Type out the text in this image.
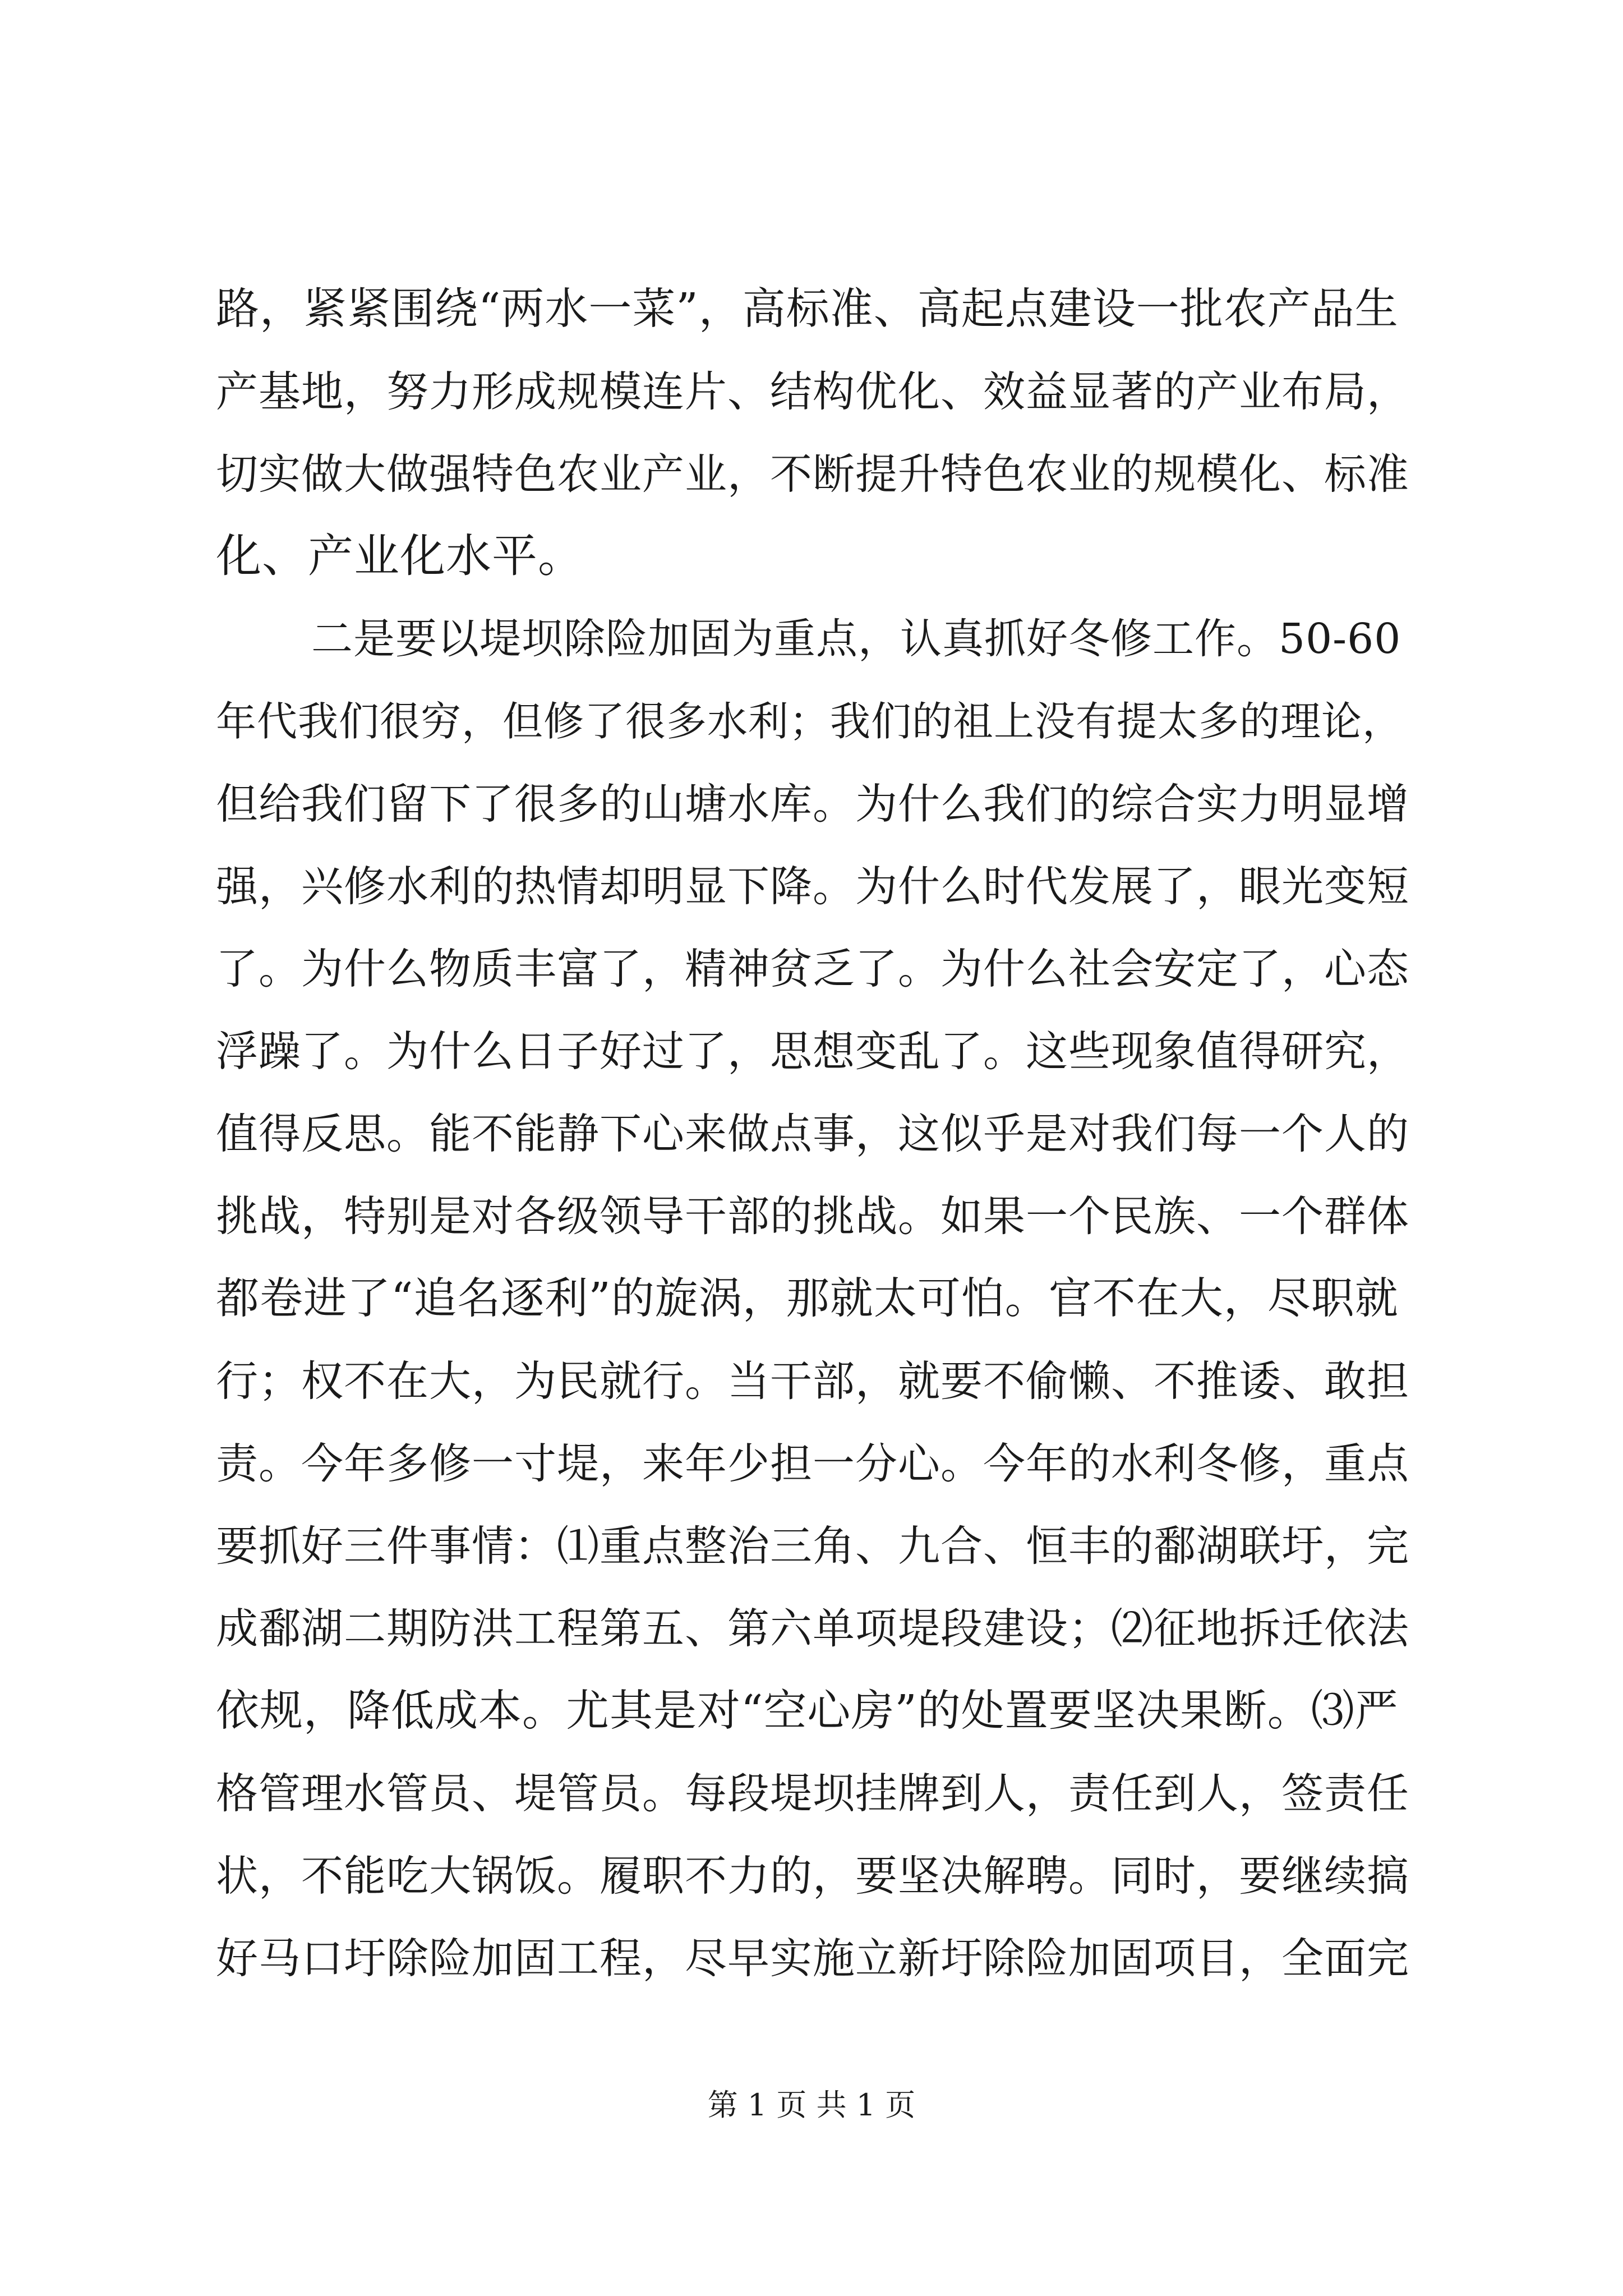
路，紧紧围绕“两水一菜”，高标准、高起点建设一批农产品生
产基地，努力形成规模连片、结构优化、效益显著的产业布局，
切实做大做强特色农业产业，不断提升特色农业的规模化、标准
化、产业化水平。
二是要以堤坝除险加固为重点，认真抓好冬修工作。50-60
年代我们很穷，但修了很多水利；我们的祖上没有提太多的理论，
但给我们留下了很多的山塘水库。为什么我们的综合实力明显增
强，兴修水利的热情却明显下降。为什么时代发展了，眼光变短
了。为什么物质丰富了，精神贫乏了。为什么社会安定了，心态
浮躁了。为什么日子好过了，思想变乱了。这些现象值得研究，
值得反思。能不能静下心来做点事，这似乎是对我们每一个人的
挑战，特别是对各级领导干部的挑战。如果一个民族、一个群体
都卷进了“追名逐利”的旋涡，那就太可怕。官不在大，尽职就
行；权不在大，为民就行。当干部，就要不偷懒、不推诿、敢担
责。今年多修一寸堤，来年少担一分心。今年的水利冬修，重点
要抓好三件事情：⑴重点整治三角、九合、恒丰的鄱湖联圩，完
成鄱湖二期防洪工程第五、第六单项堤段建设；⑵征地拆迁依法
依规，降低成本。尤其是对“空心房”的处置要坚决果断。⑶严
格管理水管员、堤管员。每段堤坝挂牌到人，责任到人，签责任
状，不能吃大锅饭。履职不力的，要坚决解聘。同时，要继续搞
好马口圩除险加固工程，尽早实施立新圩除险加固项目，全面完
第 1 页 共 1 页
